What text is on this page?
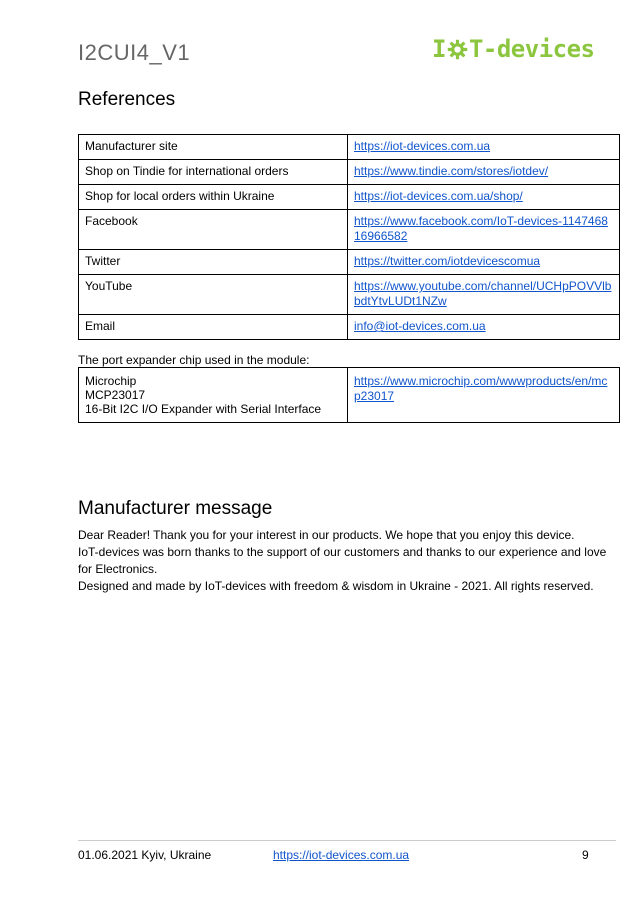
I2CUI4_V1	I T-devices
References
Manufacturer site	https://iot-devices.com.ua
Shop on Tindie for international orders	https://www.tindie.com/stores/iotdev/
Shop for local orders within Ukraine	https://iot-devices.com.ua/shop/
Facebook	https://www.facebook.com/IoT-devices-114746816966582
Twitter	https://twitter.com/iotdevicescomua
YouTube	https://www.youtube.com/channel/UCHpPOVVlbbdtYtvLUDt1NZw
Email	info@iot-devices.com.ua

The port expander chip used in the module:

Microchip
MCP23017
16-Bit I2C I/O Expander with Serial Interface
	https://www.microchip.com/wwwproducts/en/mcp23017
Manufacturer message

Dear Reader! Thank you for your interest in our products. We hope that you enjoy this device.

IoT-devices was born thanks to the support of our customers and thanks to our experience and love for Electronics.

Designed and made by IoT-devices with freedom & wisdom in Ukraine - 2021. All rights reserved.

01.06.2021 Kyiv, Ukraine	https://iot-devices.com.ua	9
